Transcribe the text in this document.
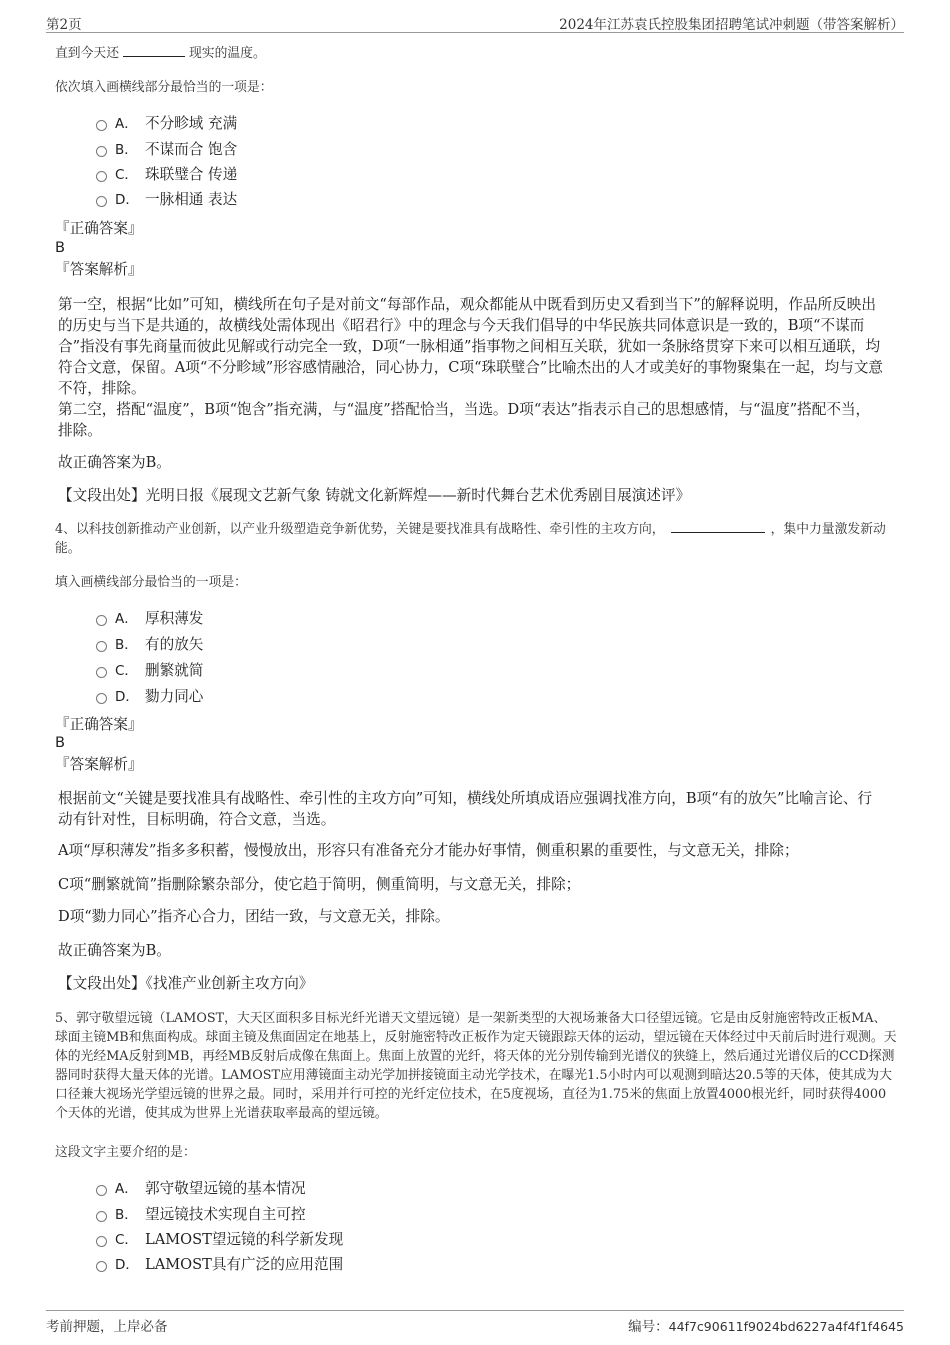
第2页	2024年江苏袁氏控股集团招聘笔试冲刺题（带答案解析）
直到今天还	现实的温度。
依次填入画横线部分最恰当的一项是：
A． 不分畛域 充满
B． 不谋而合 饱含
C． 珠联璧合 传递
D． 一脉相通 表达
『正确答案』
B
『答案解析』
第一空，根据“比如”可知，横线所在句子是对前文“每部作品，观众都能从中既看到历史又看到当下”的解释说明，作品所反映出的历史与当下是共通的，故横线处需体现出《昭君行》中的理念与今天我们倡导的中华民族共同体意识是一致的，B项“不谋而合”指没有事先商量而彼此见解或行动完全一致，D项“一脉相通”指事物之间相互关联，犹如一条脉络贯穿下来可以相互通联，均符合文意，保留。A项“不分畛域”形容感情融洽，同心协力，C项“珠联璧合”比喻杰出的人才或美好的事物聚集在一起，均与文意不符，排除。
第二空，搭配“温度”，B项“饱含”指充满，与“温度”搭配恰当，当选。D项“表达”指表示自己的思想感情，与“温度”搭配不当，排除。
故正确答案为B。
【文段出处】光明日报《展现文艺新气象 铸就文化新辉煌——新时代舞台艺术优秀剧目展演述评》
4、以科技创新推动产业创新，以产业升级塑造竞争新优势，关键是要找准具有战略性、牵引性的主攻方向，	，集中力量激发新动能。
填入画横线部分最恰当的一项是：
A． 厚积薄发
B． 有的放矢
C． 删繁就简
D． 勠力同心
『正确答案』
B
『答案解析』
根据前文“关键是要找准具有战略性、牵引性的主攻方向”可知，横线处所填成语应强调找准方向，B项“有的放矢”比喻言论、行动有针对性，目标明确，符合文意，当选。
A项“厚积薄发”指多多积蓄，慢慢放出，形容只有准备充分才能办好事情，侧重积累的重要性，与文意无关，排除；
C项“删繁就简”指删除繁杂部分，使它趋于简明，侧重简明，与文意无关，排除；
D项“勠力同心”指齐心合力，团结一致，与文意无关，排除。
故正确答案为B。
【文段出处】《找准产业创新主攻方向》
5、郭守敬望远镜（LAMOST，大天区面积多目标光纤光谱天文望远镜）是一架新类型的大视场兼备大口径望远镜。它是由反射施密特改正板MA、球面主镜MB和焦面构成。球面主镜及焦面固定在地基上，反射施密特改正板作为定天镜跟踪天体的运动，望远镜在天体经过中天前后时进行观测。天体的光经MA反射到MB，再经MB反射后成像在焦面上。焦面上放置的光纤，将天体的光分别传输到光谱仪的狭缝上，然后通过光谱仪后的CCD探测器同时获得大量天体的光谱。LAMOST应用薄镜面主动光学加拼接镜面主动光学技术，在曝光1.5小时内可以观测到暗达20.5等的天体，使其成为大口径兼大视场光学望远镜的世界之最。同时，采用并行可控的光纤定位技术，在5度视场，直径为1.75米的焦面上放置4000根光纤，同时获得4000个天体的光谱，使其成为世界上光谱获取率最高的望远镜。
这段文字主要介绍的是：
A． 郭守敬望远镜的基本情况
B． 望远镜技术实现自主可控
C． LAMOST望远镜的科学新发现
D． LAMOST具有广泛的应用范围
考前押题，上岸必备	编号：44f7c90611f9024bd6227a4f4f1f4645
